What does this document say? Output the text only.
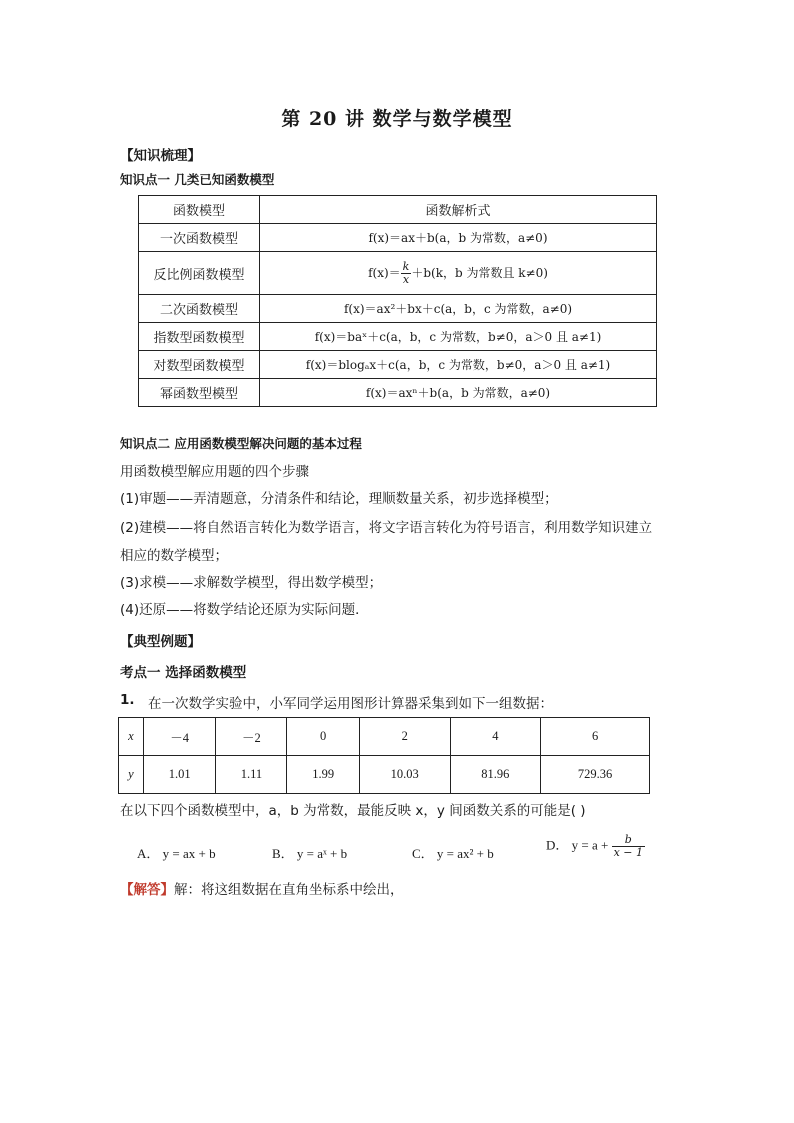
第 20 讲 数学与数学模型
【知识梳理】
知识点一 几类已知函数模型
函数模型	函数解析式
一次函数模型	f(x)＝ax＋b(a，b 为常数，a≠0)
反比例函数模型	$f(x)= \frac{k}{x} +b(k$，b 为常数且 k≠0)
二次函数模型	f(x)＝ax²＋bx＋c(a，b，c 为常数，a≠0)
指数型函数模型	f(x)＝baˣ＋c(a，b，c 为常数，b≠0，a＞0 且 a≠1)
对数型函数模型	f(x)＝blogₐx＋c(a，b，c 为常数，b≠0，a＞0 且 a≠1)
幂函数型模型	f(x)＝axⁿ＋b(a，b 为常数，a≠0)
知识点二 应用函数模型解决问题的基本过程
用函数模型解应用题的四个步骤
(1)审题——弄清题意，分清条件和结论，理顺数量关系，初步选择模型；
(2)建模——将自然语言转化为数学语言，将文字语言转化为符号语言，利用数学知识建立
相应的数学模型；
(3)求模——求解数学模型，得出数学模型；
(4)还原——将数学结论还原为实际问题．
【典型例题】
考点一 选择函数模型
1. 在一次数学实验中，小军同学运用图形计算器采集到如下一组数据：
x	－4	－2	0	2	4	6
y	1.01	1.11	1.99	10.03	81.96	729.36
在以下四个函数模型中，a，b 为常数，最能反映 x，y 间函数关系的可能是( )
A． y = ax + b	B． y = aˣ + b	C． y = ax² + b
D． $y = a + \frac{b}{x - 1}$
【解答】解：将这组数据在直角坐标系中绘出，
